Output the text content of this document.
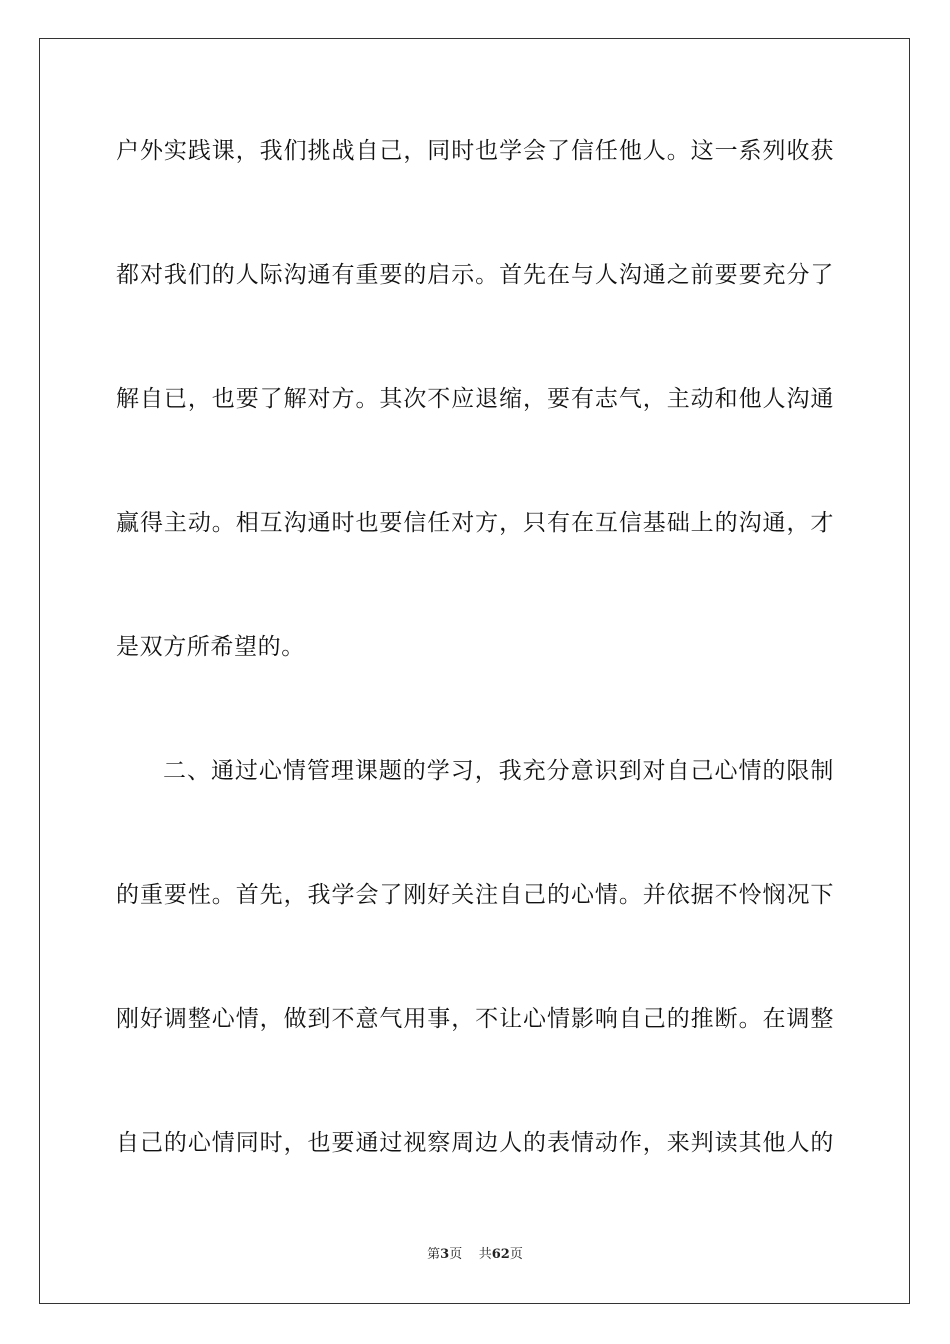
户外实践课，我们挑战自己，同时也学会了信任他人。这一系列收获
都对我们的人际沟通有重要的启示。首先在与人沟通之前要要充分了
解自已，也要了解对方。其次不应退缩，要有志气，主动和他人沟通
赢得主动。相互沟通时也要信任对方，只有在互信基础上的沟通，才
是双方所希望的。
二、通过心情管理课题的学习，我充分意识到对自己心情的限制
的重要性。首先，我学会了刚好关注自己的心情。并依据不怜悯况下
刚好调整心情，做到不意气用事，不让心情影响自己的推断。在调整
自己的心情同时，也要通过视察周边人的表情动作，来判读其他人的
第3页 共62页
